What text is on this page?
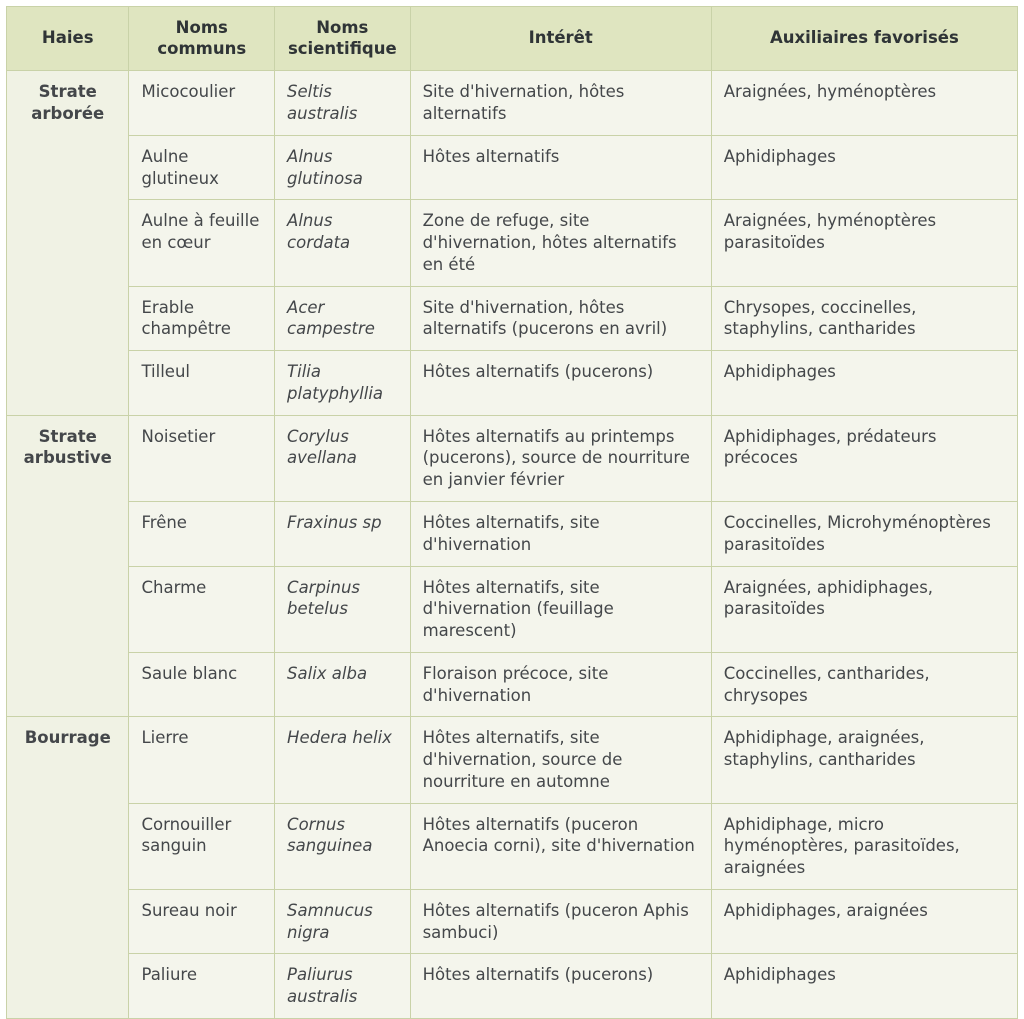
Haies	Noms communs	Noms scientifique	Intérêt	Auxiliaires favorisés
Strate arborée	Micocoulier	Seltis australis	Site d'hivernation, hôtes alternatifs	Araignées, hyménoptères
	Aulne glutineux	Alnus glutinosa	Hôtes alternatifs	Aphidiphages
	Aulne à feuille en cœur	Alnus cordata	Zone de refuge, site d'hivernation, hôtes alternatifs en été	Araignées, hyménoptères parasitoïdes
	Erable champêtre	Acer campestre	Site d'hivernation, hôtes alternatifs (pucerons en avril)	Chrysopes, coccinelles, staphylins, cantharides
	Tilleul	Tilia platyphyllia	Hôtes alternatifs (pucerons)	Aphidiphages
Strate arbustive	Noisetier	Corylus avellana	Hôtes alternatifs au printemps (pucerons), source de nourriture en janvier février	Aphidiphages, prédateurs précoces
	Frêne	Fraxinus sp	Hôtes alternatifs, site d'hivernation	Coccinelles, Microhyménoptères parasitoïdes
	Charme	Carpinus betelus	Hôtes alternatifs, site d'hivernation (feuillage marescent)	Araignées, aphidiphages, parasitoïdes
	Saule blanc	Salix alba	Floraison précoce, site d'hivernation	Coccinelles, cantharides, chrysopes
Bourrage	Lierre	Hedera helix	Hôtes alternatifs, site d'hivernation, source de nourriture en automne	Aphidiphage, araignées, staphylins, cantharides
	Cornouiller sanguin	Cornus sanguinea	Hôtes alternatifs (puceron Anoecia corni), site d'hivernation	Aphidiphage, micro hyménoptères, parasitoïdes, araignées
	Sureau noir	Samnucus nigra	Hôtes alternatifs (puceron Aphis sambuci)	Aphidiphages, araignées
	Paliure	Paliurus australis	Hôtes alternatifs (pucerons)	Aphidiphages
